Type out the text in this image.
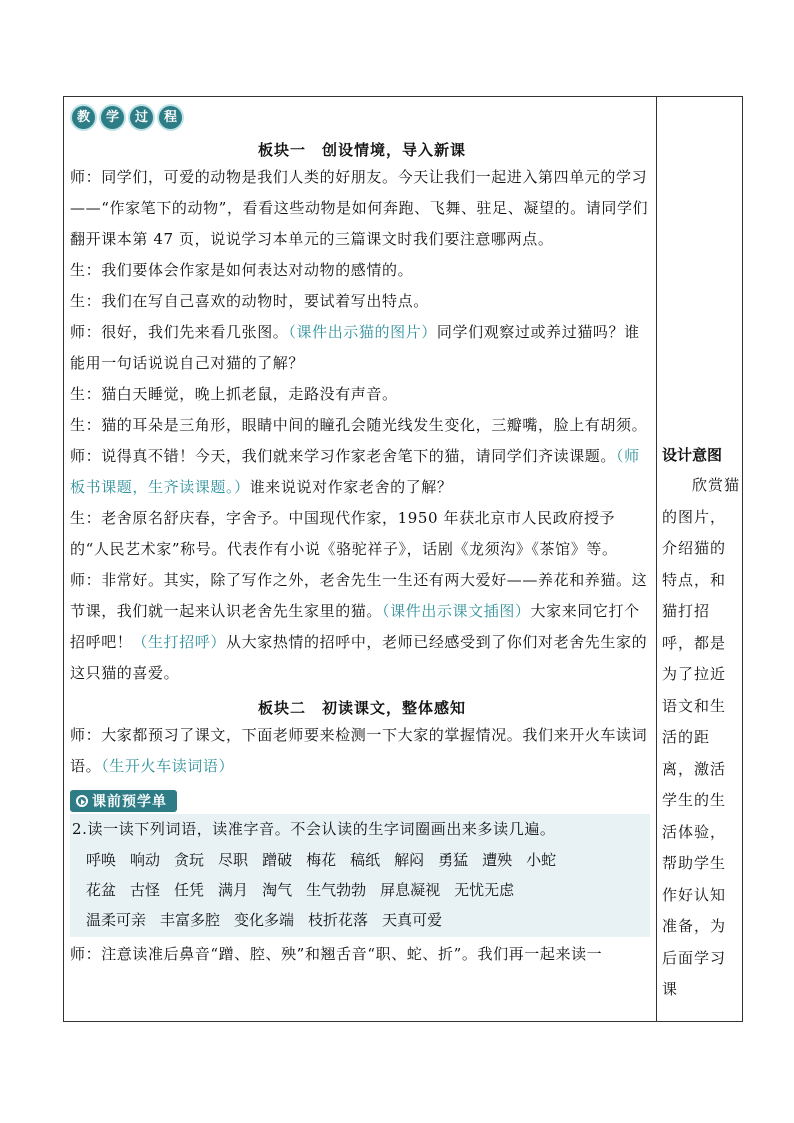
教	学	过	程
板块一　创设情境，导入新课

师：同学们，可爱的动物是我们人类的好朋友。今天让我们一起进入第四单元的学习——“作家笔下的动物”，看看这些动物是如何奔跑、飞舞、驻足、凝望的。请同学们翻开课本第 47 页，说说学习本单元的三篇课文时我们要注意哪两点。

生：我们要体会作家是如何表达对动物的感情的。

生：我们在写自己喜欢的动物时，要试着写出特点。

师：很好，我们先来看几张图。（课件出示猫的图片）同学们观察过或养过猫吗？谁能用一句话说说自己对猫的了解？

生：猫白天睡觉，晚上抓老鼠，走路没有声音。

生：猫的耳朵是三角形，眼睛中间的瞳孔会随光线发生变化，三瓣嘴，脸上有胡须。

师：说得真不错！今天，我们就来学习作家老舍笔下的猫，请同学们齐读课题。（师板书课题，生齐读课题。）谁来说说对作家老舍的了解？

生：老舍原名舒庆春，字舍予。中国现代作家，1950 年获北京市人民政府授予的“人民艺术家”称号。代表作有小说《骆驼祥子》，话剧《龙须沟》《茶馆》等。

师：非常好。其实，除了写作之外，老舍先生一生还有两大爱好——养花和养猫。这节课，我们就一起来认识老舍先生家里的猫。（课件出示课文插图）大家来同它打个招呼吧！（生打招呼）从大家热情的招呼中，老师已经感受到了你们对老舍先生家的这只猫的喜爱。

板块二　初读课文，整体感知

师：大家都预习了课文，下面老师要来检测一下大家的掌握情况。我们来开火车读词语。（生开火车读词语）

课前预学单

2.读一读下列词语，读准字音。不会认读的生字词圈画出来多读几遍。

呼唤 响动 贪玩 尽职 蹭破 梅花 稿纸 解闷 勇猛 遭殃 小蛇
花盆 古怪 任凭 满月 淘气 生气勃勃 屏息凝视 无忧无虑
温柔可亲 丰富多腔 变化多端 枝折花落 天真可爱

师：注意读准后鼻音“蹭、腔、殃”和翘舌音“职、蛇、折”。我们再一起来读一

设计意图
欣赏猫的图片，介绍猫的特点，和猫打招呼，都是为了拉近语文和生活的距离，激活学生的生活体验，帮助学生作好认知准备，为后面学习课
